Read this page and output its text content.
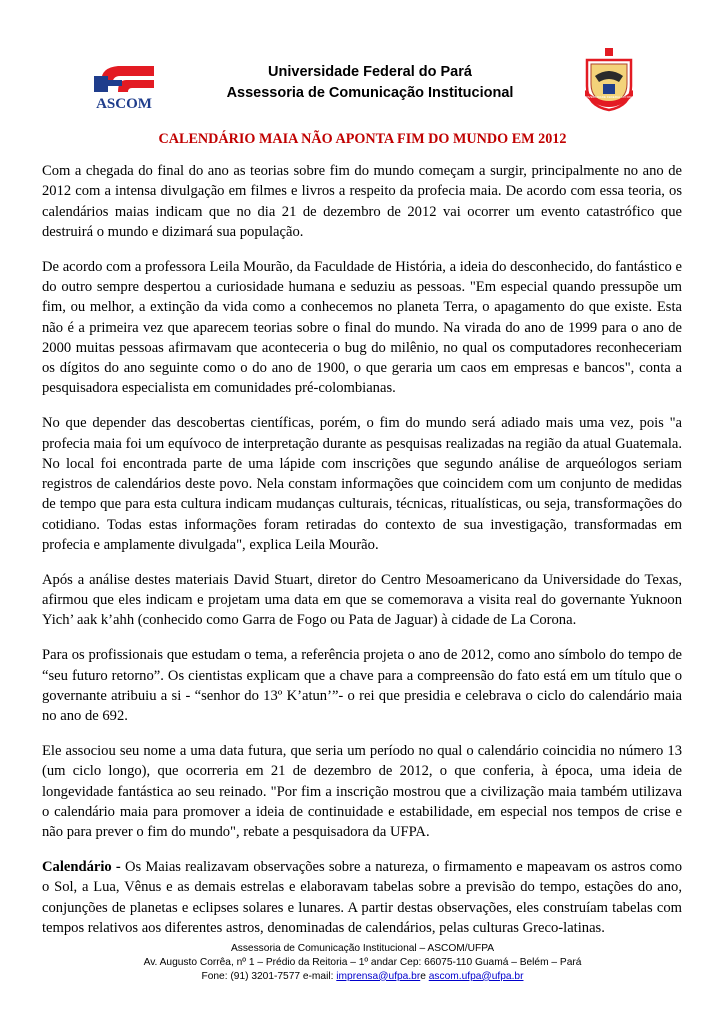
ASCOM
Universidade Federal do Pará
Assessoria de Comunicação Institucional	UNIVERSIDADE FEDERAL DO PARÁ
CALENDÁRIO MAIA NÃO APONTA FIM DO MUNDO EM 2012

Com a chegada do final do ano as teorias sobre fim do mundo começam a surgir, principalmente no ano de 2012 com a intensa divulgação em filmes e livros a respeito da profecia maia. De acordo com essa teoria, os calendários maias indicam que no dia 21 de dezembro de 2012 vai ocorrer um evento catastrófico que destruirá o mundo e dizimará sua população.

De acordo com a professora Leila Mourão, da Faculdade de História, a ideia do desconhecido, do fantástico e do outro sempre despertou a curiosidade humana e seduziu as pessoas. "Em especial quando pressupõe um fim, ou melhor, a extinção da vida como a conhecemos no planeta Terra, o apagamento do que existe. Esta não é a primeira vez que aparecem teorias sobre o final do mundo. Na virada do ano de 1999 para o ano de 2000 muitas pessoas afirmavam que aconteceria o bug do milênio, no qual os computadores reconheceriam os dígitos do ano seguinte como o do ano de 1900, o que geraria um caos em empresas e bancos", conta a pesquisadora especialista em comunidades pré-colombianas.

No que depender das descobertas científicas, porém, o fim do mundo será adiado mais uma vez, pois "a profecia maia foi um equívoco de interpretação durante as pesquisas realizadas na região da atual Guatemala. No local foi encontrada parte de uma lápide com inscrições que segundo análise de arqueólogos seriam registros de calendários deste povo. Nela constam informações que coincidem com um conjunto de medidas de tempo que para esta cultura indicam mudanças culturais, técnicas, ritualísticas, ou seja, transformações do cotidiano. Todas estas informações foram retiradas do contexto de sua investigação, transformadas em profecia e amplamente divulgada", explica Leila Mourão.

Após a análise destes materiais David Stuart, diretor do Centro Mesoamericano da Universidade do Texas, afirmou que eles indicam e projetam uma data em que se comemorava a visita real do governante Yuknoon Yich’ aak k’ahh (conhecido como Garra de Fogo ou Pata de Jaguar) à cidade de La Corona.

Para os profissionais que estudam o tema, a referência projeta o ano de 2012, como ano símbolo do tempo de “seu futuro retorno”. Os cientistas explicam que a chave para a compreensão do fato está em um título que o governante atribuiu a si - “senhor do 13º K’atun’”- o rei que presidia e celebrava o ciclo do calendário maia no ano de 692.

Ele associou seu nome a uma data futura, que seria um período no qual o calendário coincidia no número 13 (um ciclo longo), que ocorreria em 21 de dezembro de 2012, o que conferia, à época, uma ideia de longevidade fantástica ao seu reinado. "Por fim a inscrição mostrou que a civilização maia também utilizava o calendário maia para promover a ideia de continuidade e estabilidade, em especial nos tempos de crise e não para prever o fim do mundo", rebate a pesquisadora da UFPA.

Calendário - Os Maias realizavam observações sobre a natureza, o firmamento e mapeavam os astros como o Sol, a Lua, Vênus e as demais estrelas e elaboravam tabelas sobre a previsão do tempo, estações do ano, conjunções de planetas e eclipses solares e lunares. A partir destas observações, eles construíam tabelas com tempos relativos aos diferentes astros, denominadas de calendários, pelas culturas Greco-latinas.

Assessoria de Comunicação Institucional – ASCOM/UFPA
Av. Augusto Corrêa, nº 1 – Prédio da Reitoria – 1º andar Cep: 66075-110 Guamá – Belém – Pará
Fone: (91) 3201-7577 e-mail: imprensa@ufpa.bre ascom.ufpa@ufpa.br
